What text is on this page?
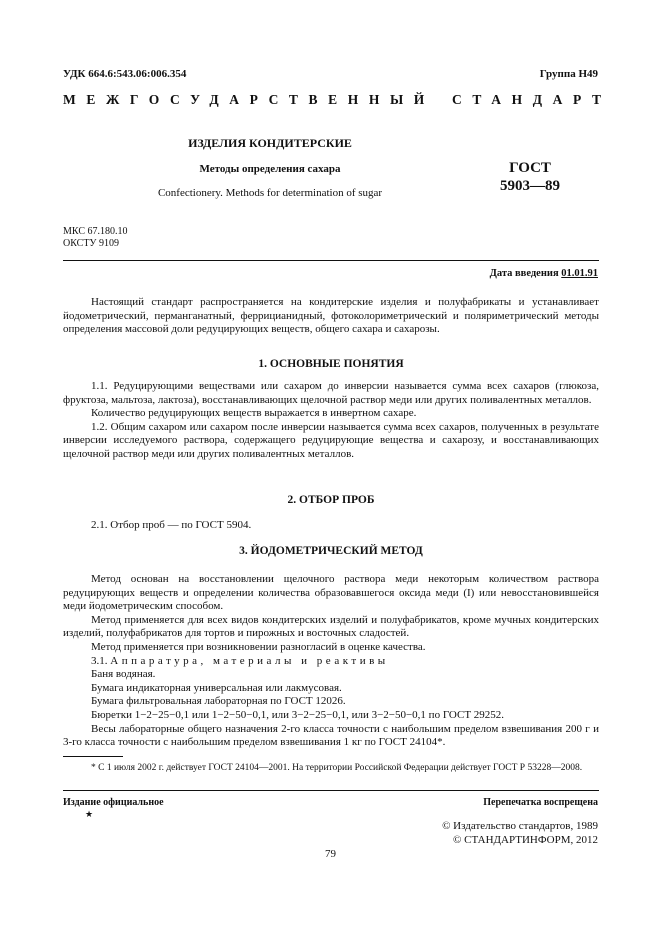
УДК 664.6:543.06:006.354	Группа Н49
МЕЖГОСУДАРСТВЕННЫЙ СТАНДАРТ
ИЗДЕЛИЯ КОНДИТЕРСКИЕ
Методы определения сахара
Confectionery. Methods for determination of sugar
ГОСТ
5903—89
МКС 67.180.10
ОКСТУ 9109
Дата введения 01.01.91

Настоящий стандарт распространяется на кондитерские изделия и полуфабрикаты и устанавливает йодометрический, перманганатный, феррицианидный, фотоколориметрический и поляриметрический методы определения массовой доли редуцирующих веществ, общего сахара и сахарозы.

1. ОСНОВНЫЕ ПОНЯТИЯ

1.1. Редуцирующими веществами или сахаром до инверсии называется сумма всех сахаров (глюкоза, фруктоза, мальтоза, лактоза), восстанавливающих щелочной раствор меди или других поливалентных металлов.

Количество редуцирующих веществ выражается в инвертном сахаре.

1.2. Общим сахаром или сахаром после инверсии называется сумма всех сахаров, полученных в результате инверсии исследуемого раствора, содержащего редуцирующие вещества и сахарозу, и восстанавливающих щелочной раствор меди или других поливалентных металлов.

2. ОТБОР ПРОБ

2.1. Отбор проб — по ГОСТ 5904.

3. ЙОДОМЕТРИЧЕСКИЙ МЕТОД

Метод основан на восстановлении щелочного раствора меди некоторым количеством раствора редуцирующих веществ и определении количества образовавшегося оксида меди (I) или невосстановившейся меди йодометрическим способом.

Метод применяется для всех видов кондитерских изделий и полуфабрикатов, кроме мучных кондитерских изделий, полуфабрикатов для тортов и пирожных и восточных сладостей.

Метод применяется при возникновении разногласий в оценке качества.

3.1. Аппаратура, материалы и реактивы

Баня водяная.

Бумага индикаторная универсальная или лакмусовая.

Бумага фильтровальная лабораторная по ГОСТ 12026.

Бюретки 1−2−25−0,1 или 1−2−50−0,1, или 3−2−25−0,1, или 3−2−50−0,1 по ГОСТ 29252.

Весы лабораторные общего назначения 2-го класса точности с наибольшим пределом взвешивания 200 г и 3-го класса точности с наибольшим пределом взвешивания 1 кг по ГОСТ 24104*.

* С 1 июля 2002 г. действует ГОСТ 24104—2001. На территории Российской Федерации действует ГОСТ Р 53228—2008.
Издание официальное
★
Перепечатка воспрещена
© Издательство стандартов, 1989
© СТАНДАРТИНФОРМ, 2012
79
